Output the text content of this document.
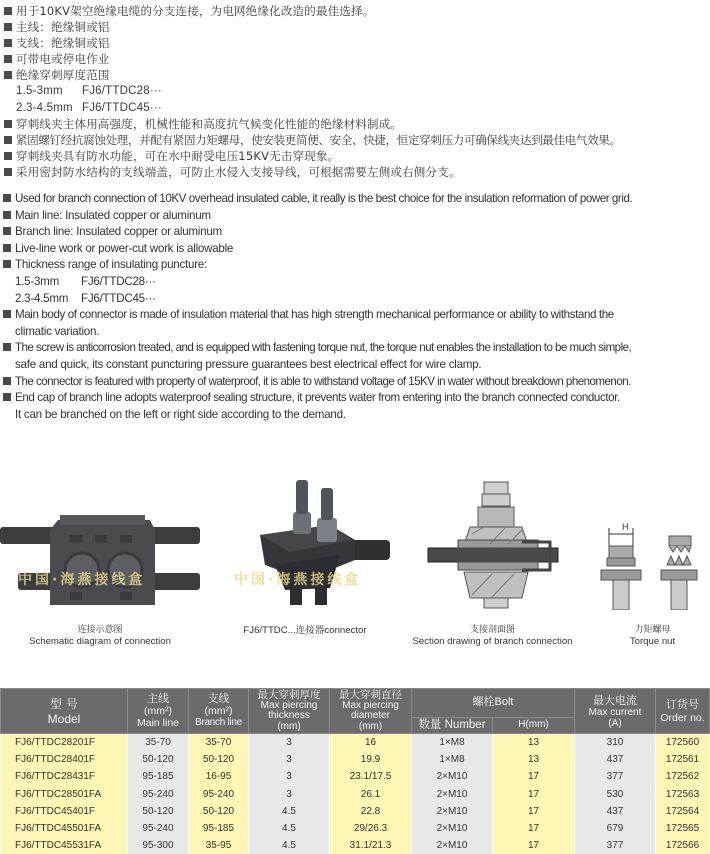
用于10KV架空绝缘电缆的分支连接，为电网绝缘化改造的最佳选择。
主线：绝缘铜或铝
支线：绝缘铜或铝
可带电或停电作业
绝缘穿刺厚度范围
1.5-3mm FJ6/TTDC28···
2.3-4.5mm FJ6/TTDC45···
穿刺线夹主体用高强度，机械性能和高度抗气候变化性能的绝缘材料制成。
紧固螺钉经抗腐蚀处理，并配有紧固力矩螺母，使安装更简便、安全、快捷，恒定穿刺压力可确保线夹达到最佳电气效果。
穿刺线夹具有防水功能，可在水中耐受电压15KV无击穿现象。
采用密封防水结构的支线端盖，可防止水侵入支接导线，可根据需要左侧或右侧分支。
Used for branch connection of 10KV overhead insulated cable, it really is the best choice for the insulation reformation of power grid.
Main line: Insulated copper or aluminum
Branch line: Insulated copper or aluminum
Live-line work or power-cut work is allowable
Thickness range of insulating puncture:
1.5-3mm FJ6/TTDC28···
2.3-4.5mm FJ6/TTDC45···
Main body of connector is made of insulation material that has high strength mechanical performance or ability to withstand the
climatic variation.
The screw is anticorrosion treated, and is equipped with fastening torque nut, the torque nut enables the installation to be much simple,
safe and quick, its constant puncturing pressure guarantees best electrical effect for wire clamp.
The connector is featured with property of waterproof, it is able to withstand voltage of 15KV in water without breakdown phenomenon.
End cap of branch line adopts waterproof sealing structure, it prevents water from entering into the branch connected conductor.
It can be branched on the left or right side according to the demand.
中国·海燕接线盒
连接示意图
Schematic diagram of connection
中国·海燕接线盒
FJ6/TTDC...连接器connector	支接剖面图
Section drawing of branch connection
H
力矩螺母
Torque nut
型 号
Model	主线
(mm²)
Main line	支线
(mm²)
Branch line	最大穿刺厚度
Max piercing
thickness
(mm)	最大穿刺直径
Max piercing
diameter
(mm)	螺栓Bolt		最大电流
Max current
(A)	订货号
Order no.

					数量 Number	H(mm)		
FJ6/TTDC28201F	35-70	35-70	3	16	1×M8	13	310	172560
FJ6/TTDC28401F	50-120	50-120	3	19.9	1×M8	13	437	172561
FJ6/TTDC28431F	95-185	16-95	3	23.1/17.5	2×M10	17	377	172562
FJ6/TTDC28501FA	95-240	95-240	3	26.1	2×M10	17	530	172563
FJ6/TTDC45401F	50-120	50-120	4.5	22.8	2×M10	17	437	172564
FJ6/TTDC45501FA	95-240	95-185	4.5	29/26.3	2×M10	17	679	172565
FJ6/TTDC45531FA	95-300	35-95	4.5	31.1/21.3	2×M10	17	377	172566
